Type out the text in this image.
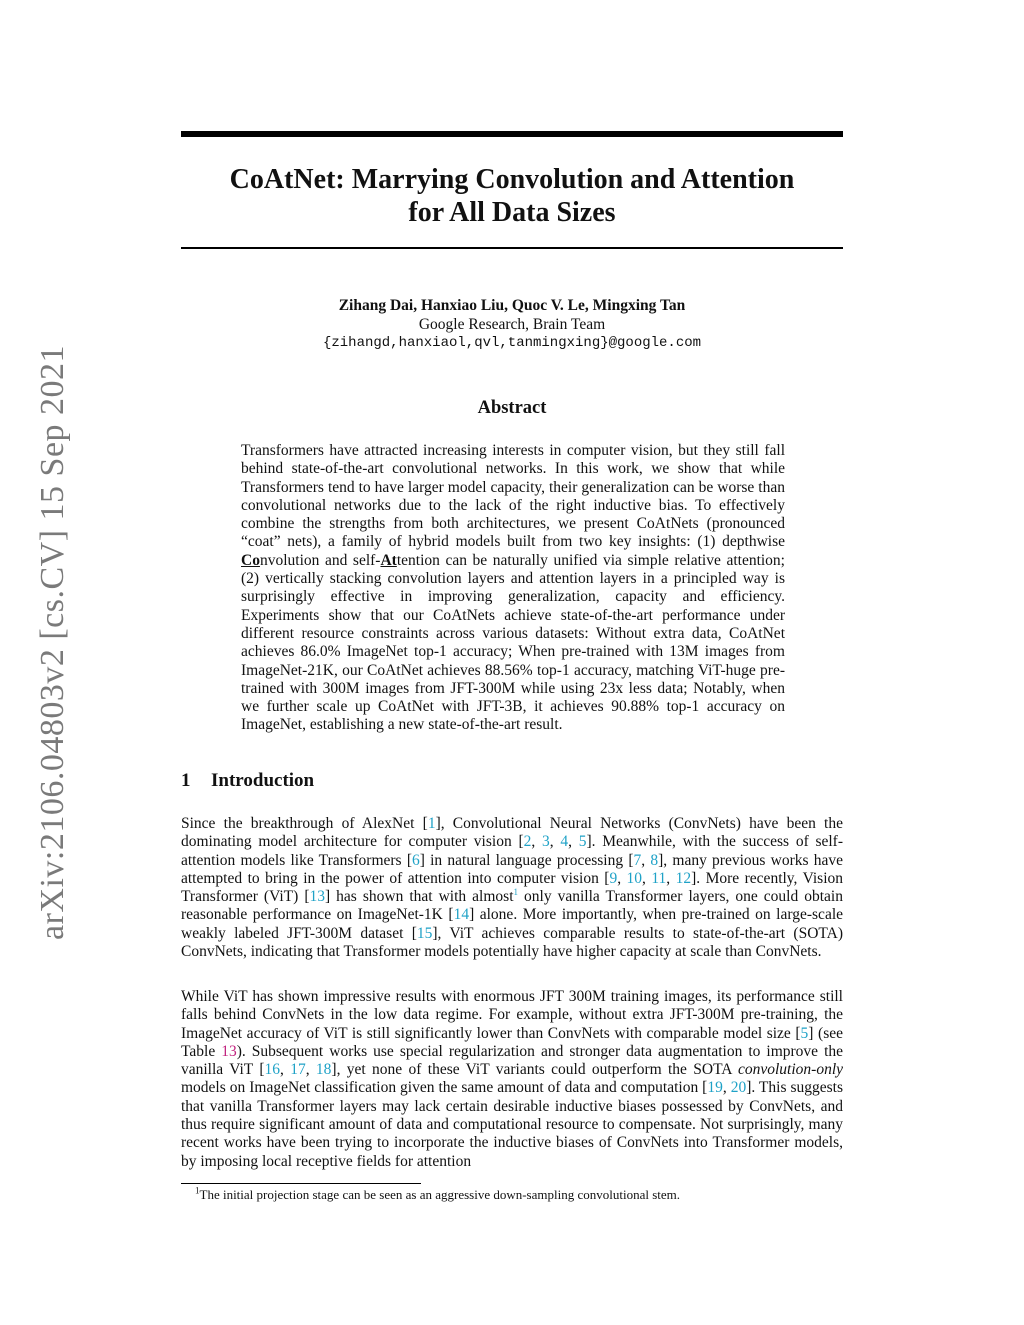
arXiv:2106.04803v2 [cs.CV] 15 Sep 2021
CoAtNet: Marrying Convolution and Attention
for All Data Sizes
Zihang Dai, Hanxiao Liu, Quoc V. Le, Mingxing Tan
Google Research, Brain Team
{zihangd,hanxiaol,qvl,tanmingxing}@google.com
Abstract
Transformers have attracted increasing interests in computer vision, but they still fall behind state-of-the-art convolutional networks. In this work, we show that while Transformers tend to have larger model capacity, their generalization can be worse than convolutional networks due to the lack of the right inductive bias. To effectively combine the strengths from both architectures, we present CoAtNets (pronounced “coat” nets), a family of hybrid models built from two key insights: (1) depthwise Convolution and self-Attention can be naturally unified via simple relative attention; (2) vertically stacking convolution layers and attention layers in a principled way is surprisingly effective in improving generalization, capacity and efficiency. Experiments show that our CoAtNets achieve state-of-the-art performance under different resource constraints across various datasets: Without extra data, CoAtNet achieves 86.0% ImageNet top-1 accuracy; When pre-trained with 13M images from ImageNet-21K, our CoAtNet achieves 88.56% top-1 accuracy, matching ViT-huge pre-trained with 300M images from JFT-300M while using 23x less data; Notably, when we further scale up CoAtNet with JFT-3B, it achieves 90.88% top-1 accuracy on ImageNet, establishing a new state-of-the-art result.
1 Introduction
Since the breakthrough of AlexNet [1], Convolutional Neural Networks (ConvNets) have been the dominating model architecture for computer vision [2, 3, 4, 5]. Meanwhile, with the success of self-attention models like Transformers [6] in natural language processing [7, 8], many previous works have attempted to bring in the power of attention into computer vision [9, 10, 11, 12]. More recently, Vision Transformer (ViT) [13] has shown that with almost$^1$ only vanilla Transformer layers, one could obtain reasonable performance on ImageNet-1K [14] alone. More importantly, when pre-trained on large-scale weakly labeled JFT-300M dataset [15], ViT achieves comparable results to state-of-the-art (SOTA) ConvNets, indicating that Transformer models potentially have higher capacity at scale than ConvNets.
While ViT has shown impressive results with enormous JFT 300M training images, its performance still falls behind ConvNets in the low data regime. For example, without extra JFT-300M pre-training, the ImageNet accuracy of ViT is still significantly lower than ConvNets with comparable model size [5] (see Table 13). Subsequent works use special regularization and stronger data augmentation to improve the vanilla ViT [16, 17, 18], yet none of these ViT variants could outperform the SOTA convolution-only models on ImageNet classification given the same amount of data and computation [19, 20]. This suggests that vanilla Transformer layers may lack certain desirable inductive biases possessed by ConvNets, and thus require significant amount of data and computational resource to compensate. Not surprisingly, many recent works have been trying to incorporate the inductive biases of ConvNets into Transformer models, by imposing local receptive fields for attention
$^1$The initial projection stage can be seen as an aggressive down-sampling convolutional stem.
